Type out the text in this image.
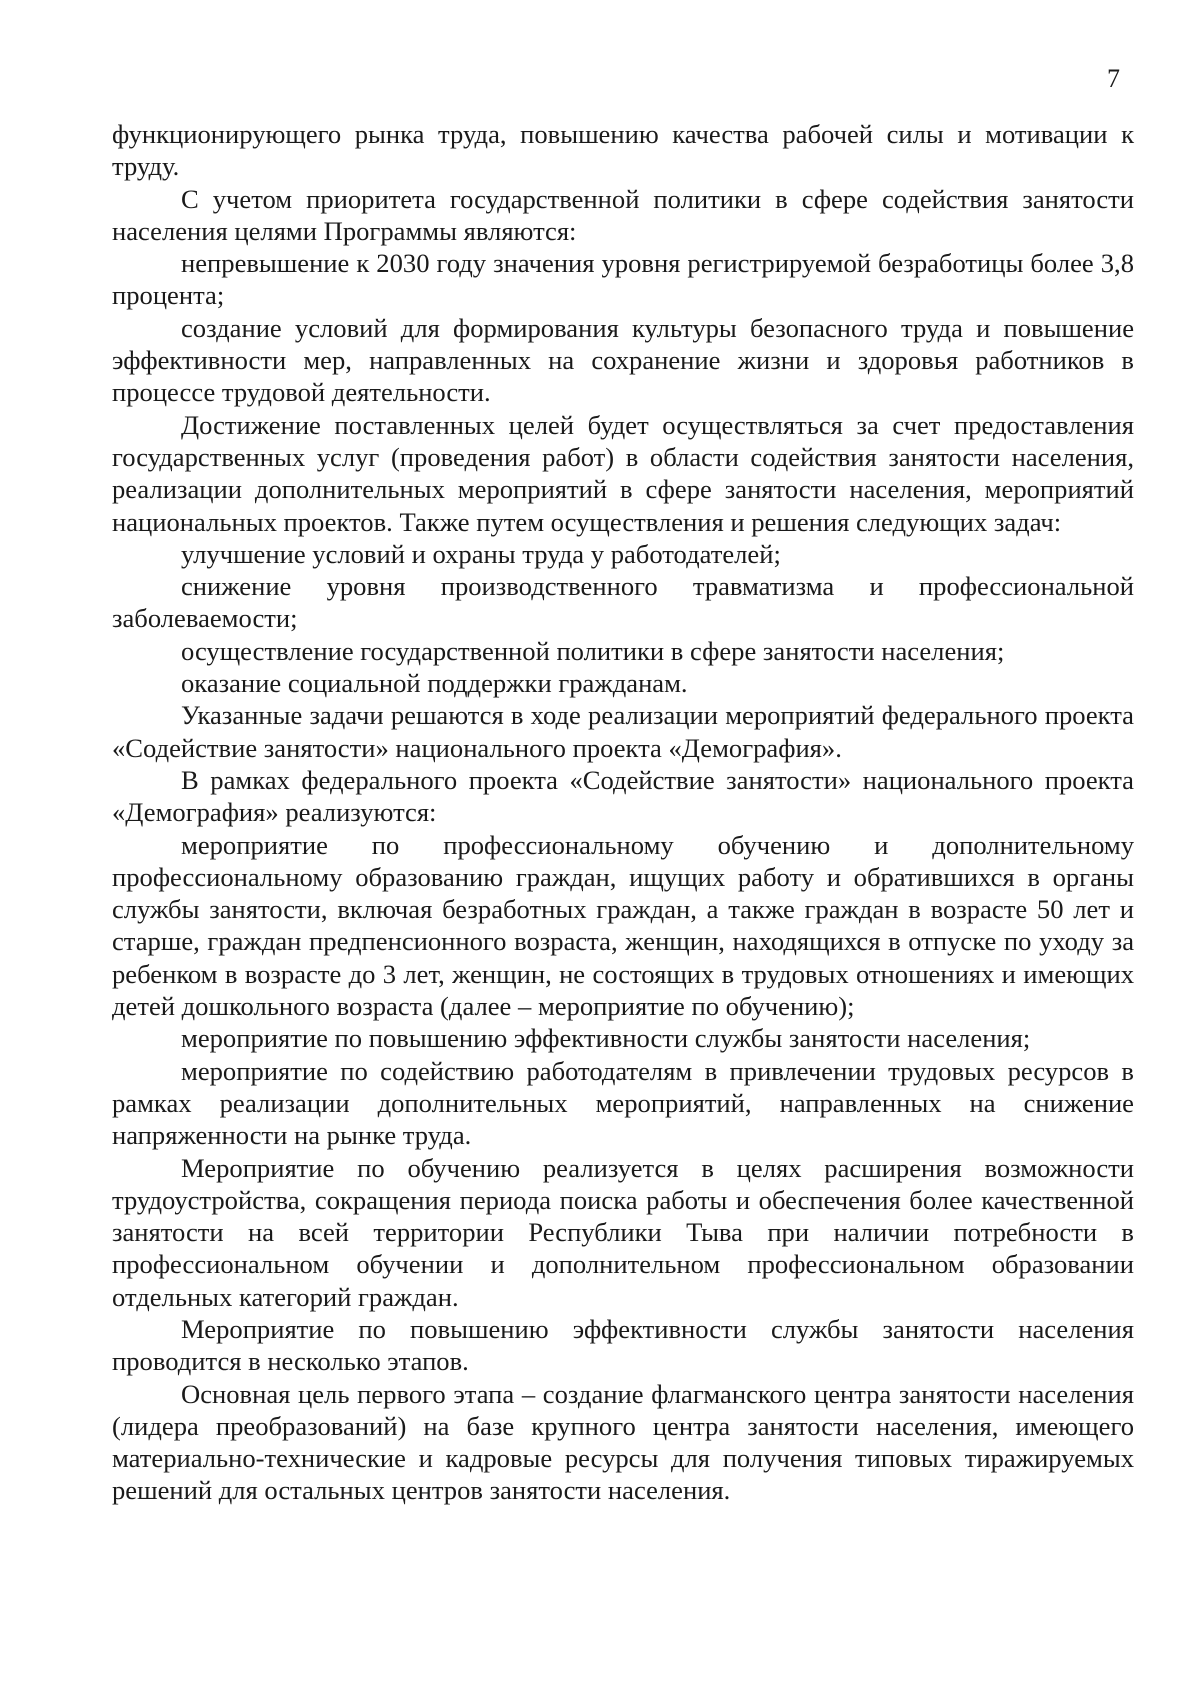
7

функционирующего рынка труда, повышению качества рабочей силы и мотивации к труду.

С учетом приоритета государственной политики в сфере содействия занятости населения целями Программы являются:

непревышение к 2030 году значения уровня регистрируемой безработицы более 3,8 процента;

создание условий для формирования культуры безопасного труда и повышение эффективности мер, направленных на сохранение жизни и здоровья работников в процессе трудовой деятельности.

Достижение поставленных целей будет осуществляться за счет предоставления государственных услуг (проведения работ) в области содействия занятости населения, реализации дополнительных мероприятий в сфере занятости населения, мероприятий национальных проектов. Также путем осуществления и решения следующих задач:

улучшение условий и охраны труда у работодателей;

снижение уровня производственного травматизма и профессиональной заболеваемости;

осуществление государственной политики в сфере занятости населения;

оказание социальной поддержки гражданам.

Указанные задачи решаются в ходе реализации мероприятий федерального проекта «Содействие занятости» национального проекта «Демография».

В рамках федерального проекта «Содействие занятости» национального проекта «Демография» реализуются:

мероприятие по профессиональному обучению и дополнительному профессиональному образованию граждан, ищущих работу и обратившихся в органы службы занятости, включая безработных граждан, а также граждан в возрасте 50 лет и старше, граждан предпенсионного возраста, женщин, находящихся в отпуске по уходу за ребенком в возрасте до 3 лет, женщин, не состоящих в трудовых отношениях и имеющих детей дошкольного возраста (далее – мероприятие по обучению);

мероприятие по повышению эффективности службы занятости населения;

мероприятие по содействию работодателям в привлечении трудовых ресурсов в рамках реализации дополнительных мероприятий, направленных на снижение напряженности на рынке труда.

Мероприятие по обучению реализуется в целях расширения возможности трудоустройства, сокращения периода поиска работы и обеспечения более качественной занятости на всей территории Республики Тыва при наличии потребности в профессиональном обучении и дополнительном профессиональном образовании отдельных категорий граждан.

Мероприятие по повышению эффективности службы занятости населения проводится в несколько этапов.

Основная цель первого этапа – создание флагманского центра занятости населения (лидера преобразований) на базе крупного центра занятости населения, имеющего материально-технические и кадровые ресурсы для получения типовых тиражируемых решений для остальных центров занятости населения.
